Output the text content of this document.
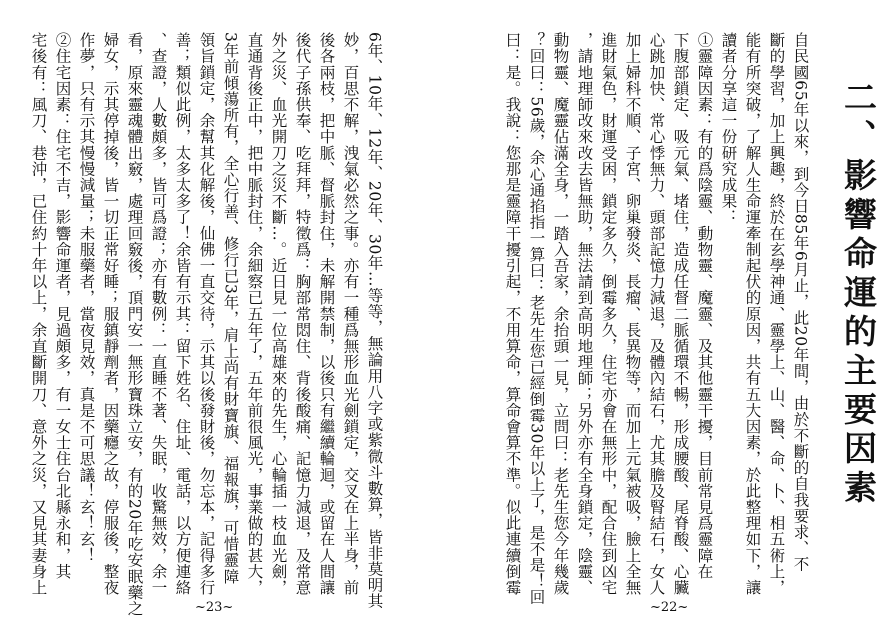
6年、10年、12年、20年、30年…等等，無論用八字或紫微斗數算，皆非莫明其
妙，百思不解，洩氣必然之事。亦有一種爲無形血光劍鎖定，交叉在上半身，前
後各兩枝，把中脈、督脈封住，未解開禁制，以後只有繼續輪迴，或留在人間讓
後代子孫供奉、吃拜拜，特徵爲：胸部常悶住、背後酸痛、記憶力減退，及常意
外之災、血光開刀之災不斷…。近日見一位高雄來的先生，心輪插一枝血光劍，
直通背後正中，把中脈封住，余細察已五年了，五年前很風光，事業做的甚大，
3年前傾蕩所有，全心行善、修行已3年，肩上尚有財寶旗、福報旗，可惜靈障
領旨鎖定，余幫其化解後，仙佛一直交待，示其以後發財後，勿忘本，記得多行
善；類似此例，太多太多了！余皆有示其：留下姓名、住址、電話，以方便連絡
、查證，人數頗多，皆可爲證；亦有數例：一直睡不著、失眠，收驚無效，余一
看，原來靈魂體出竅，處理回竅後，頂門安一無形寶珠立安，有的20年吃安眠藥之
婦女，示其停掉後，皆一切正常好睡；服鎮靜劑者，因藥癮之故，停服後，整夜
作夢，只有示其慢慢減量；未服藥者，當夜見效，真是不可思議！玄！玄！
②住宅因素：住宅不吉，影響命運者，見過頗多，有一女士住台北縣永和，其
宅後有：風刀、巷沖，已住約十年以上，余直斷開刀、意外之災，又見其妻身上
~23~
二、影響命運的主要因素
自民國65年以來，到今日85年6月止，此20年間，由於不斷的自我要求、不
斷的學習，加上興趣，終於在玄學神通、靈學上、山、醫、命、卜、相五術上，
能有所突破，了解人生命運牽制起伏的原因，共有五大因素，於此整理如下，讓
讀者分享這一份研究成果：
①靈障因素：有的爲陰靈、動物靈、魔靈、及其他靈干擾，目前常見爲靈障在
下腹部鎖定、吸元氣、堵住，造成任督二脈循環不暢，形成腰酸、尾脊酸、心臟
心跳加快、常心悸無力、頭部記憶力減退，及體內結石，尤其膽及腎結石，女人
加上婦科不順、子宮、卵巢發炎、長瘤、長異物等，而加上元氣被吸，臉上全無
進財氣色，財運受困，鎖定多久，倒霉多久，住宅亦會在無形中，配合住到凶宅
，請地理師改來改去皆無助，無法請到高明地理師；另外亦有全身鎖定，陰靈、
動物靈、魔靈佔滿全身，一踏入吾家，余抬頭一見，立問曰：老先生您今年幾歲
？回曰：56歲，余心通掐指一算曰：老先生您已經倒霉30年以上了，是不是！回
曰：是。我說：您那是靈障干擾引起，不用算命，算命會算不準。似此連續倒霉
~22~
